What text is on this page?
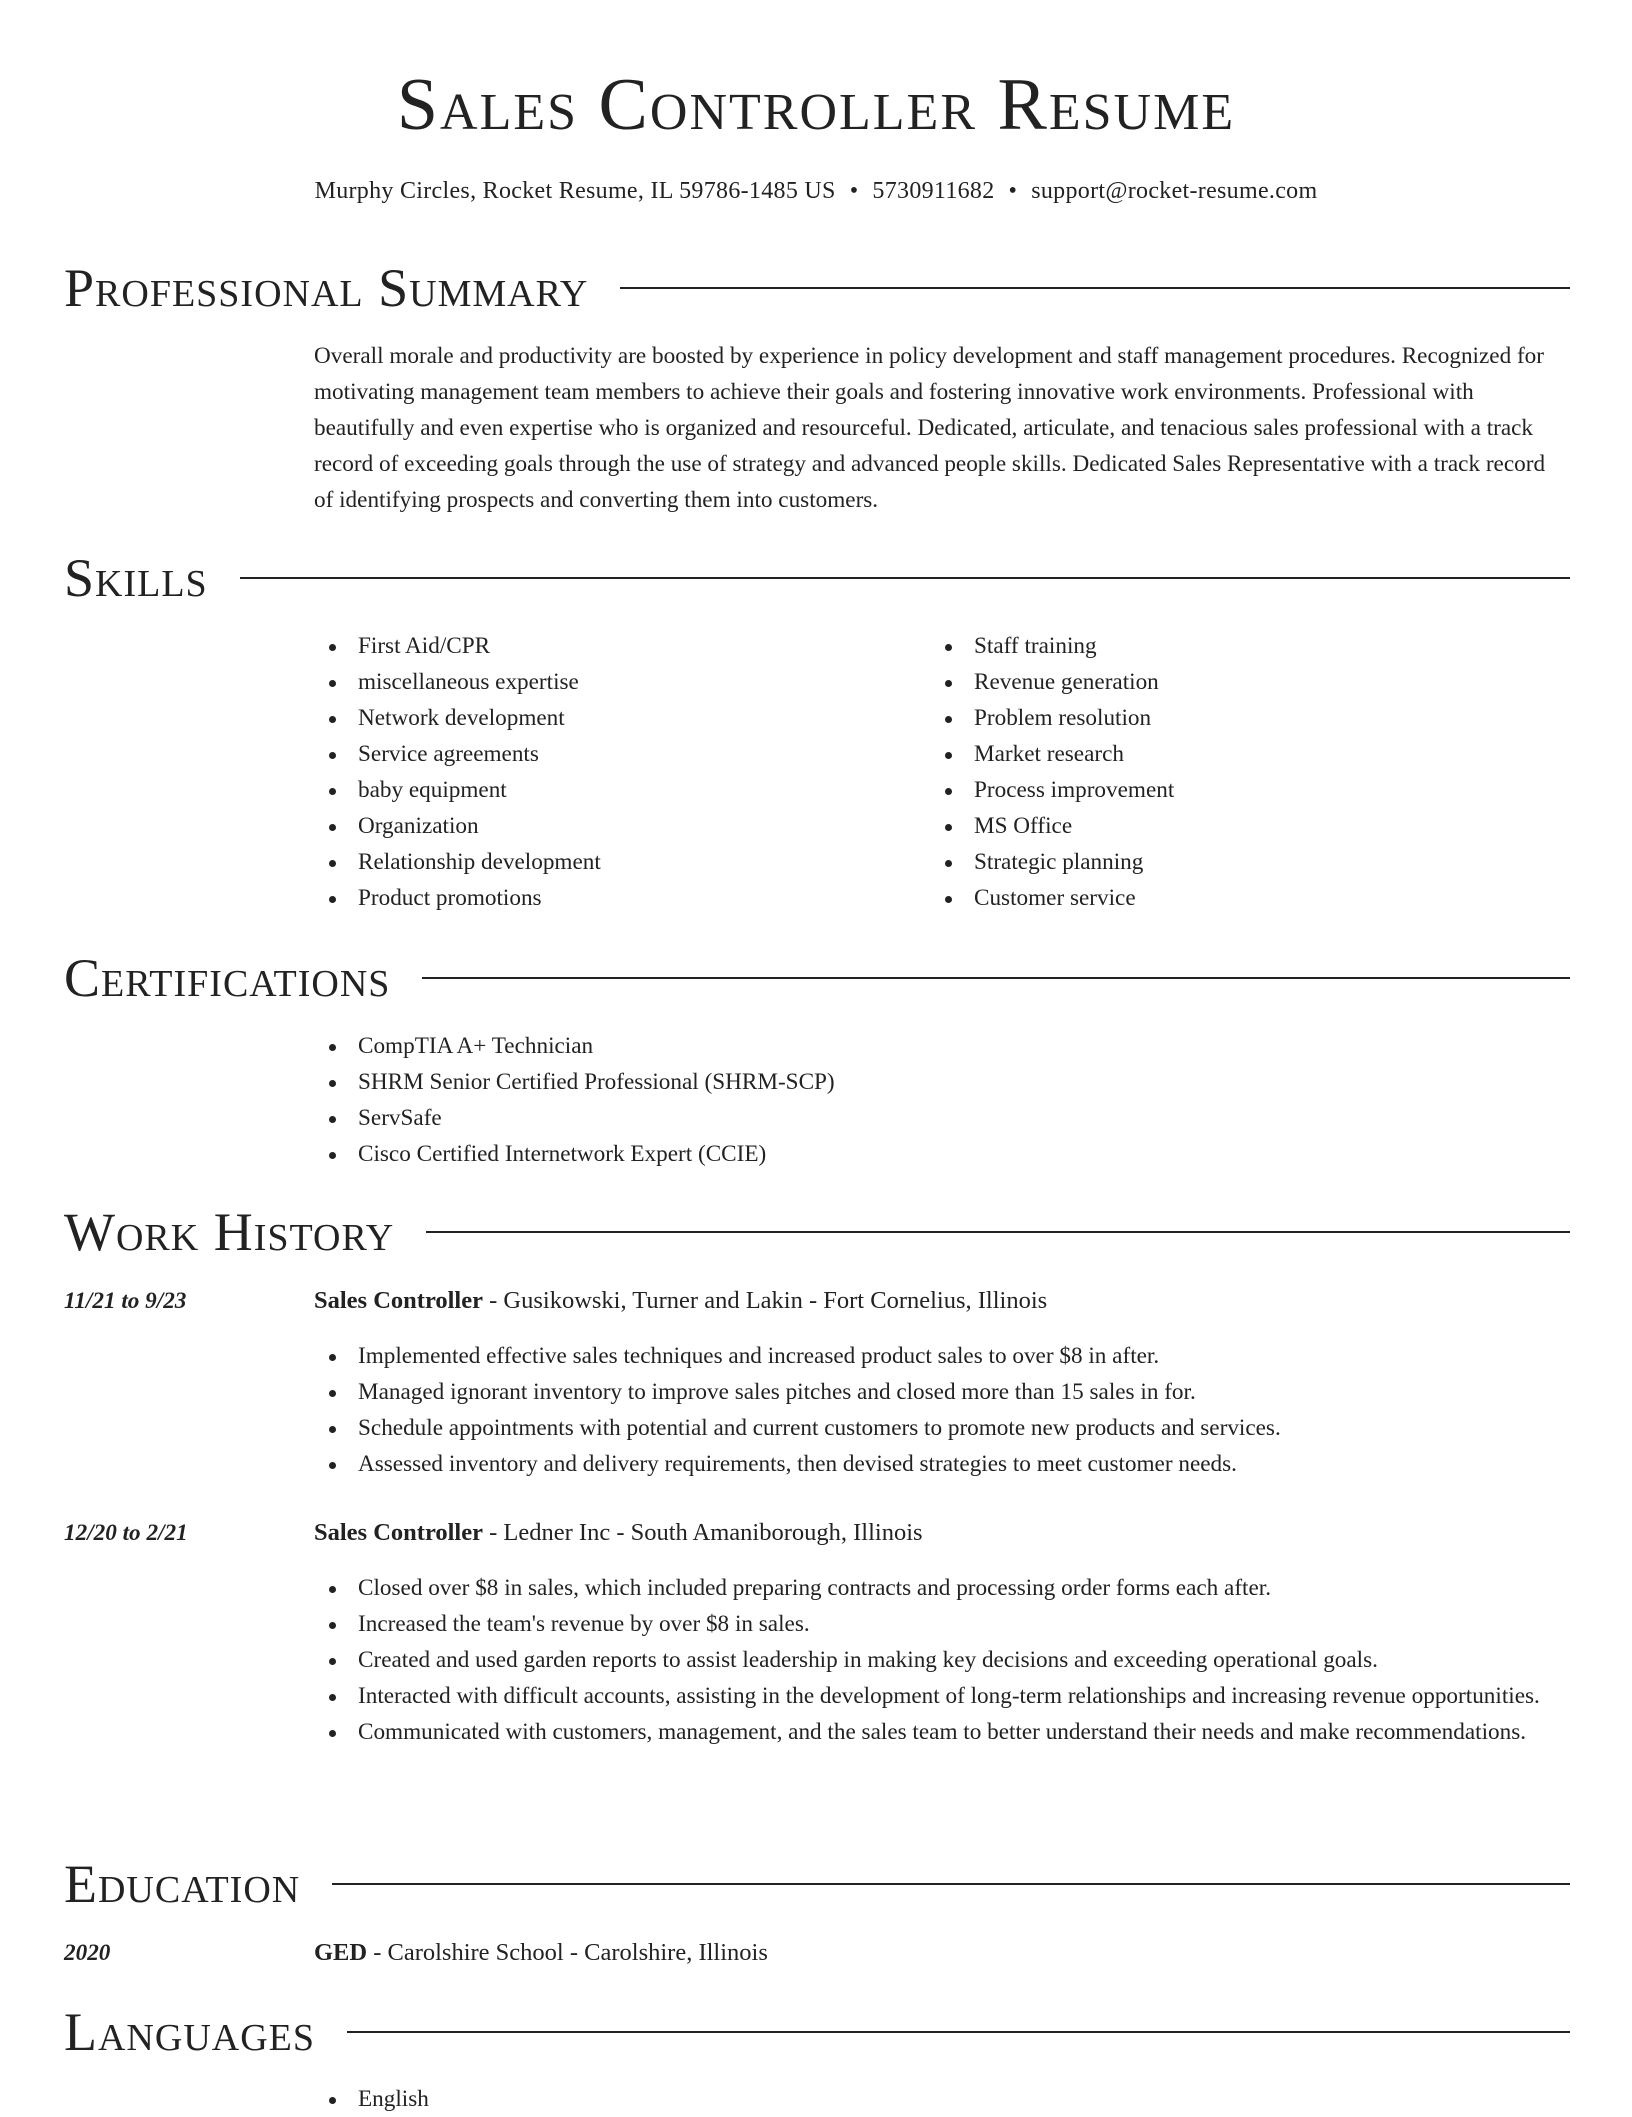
Sales Controller Resume
Murphy Circles, Rocket Resume, IL 59786-1485 US • 5730911682 • support@rocket-resume.com
Professional Summary

Overall morale and productivity are boosted by experience in policy development and staff management procedures. Recognized for motivating management team members to achieve their goals and fostering innovative work environments. Professional with beautifully and even expertise who is organized and resourceful. Dedicated, articulate, and tenacious sales professional with a track record of exceeding goals through the use of strategy and advanced people skills. Dedicated Sales Representative with a track record of identifying prospects and converting them into customers.

Skills
First Aid/CPR
miscellaneous expertise
Network development
Service agreements
baby equipment
Organization
Relationship development
Product promotions
Staff training
Revenue generation
Problem resolution
Market research
Process improvement
MS Office
Strategic planning
Customer service
Certifications
CompTIA A+ Technician
SHRM Senior Certified Professional (SHRM-SCP)
ServSafe
Cisco Certified Internetwork Expert (CCIE)
Work History
11/21 to 9/23	Sales Controller - Gusikowski, Turner and Lakin - Fort Cornelius, Illinois
Implemented effective sales techniques and increased product sales to over $8 in after.
Managed ignorant inventory to improve sales pitches and closed more than 15 sales in for.
Schedule appointments with potential and current customers to promote new products and services.
Assessed inventory and delivery requirements, then devised strategies to meet customer needs.
12/20 to 2/21	Sales Controller - Ledner Inc - South Amaniborough, Illinois
Closed over $8 in sales, which included preparing contracts and processing order forms each after.
Increased the team's revenue by over $8 in sales.
Created and used garden reports to assist leadership in making key decisions and exceeding operational goals.
Interacted with difficult accounts, assisting in the development of long-term relationships and increasing revenue opportunities.
Communicated with customers, management, and the sales team to better understand their needs and make recommendations.
Education
2020	GED - Carolshire School - Carolshire, Illinois
Languages
English
